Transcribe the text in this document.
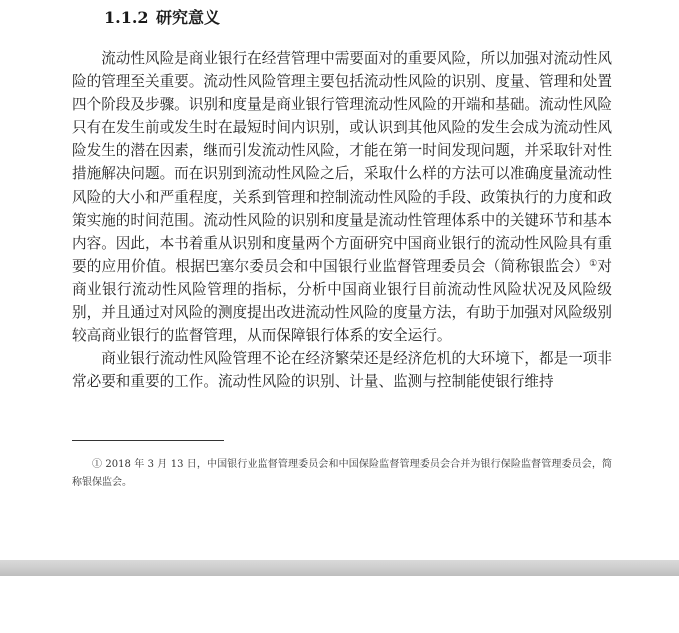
1.1.2 研究意义

流动性风险是商业银行在经营管理中需要面对的重要风险，所以加强对流动性风险的管理至关重要。流动性风险管理主要包括流动性风险的识别、度量、管理和处置四个阶段及步骤。识别和度量是商业银行管理流动性风险的开端和基础。流动性风险只有在发生前或发生时在最短时间内识别，或认识到其他风险的发生会成为流动性风险发生的潜在因素，继而引发流动性风险，才能在第一时间发现问题，并采取针对性措施解决问题。而在识别到流动性风险之后，采取什么样的方法可以准确度量流动性风险的大小和严重程度，关系到管理和控制流动性风险的手段、政策执行的力度和政策实施的时间范围。流动性风险的识别和度量是流动性管理体系中的关键环节和基本内容。因此，本书着重从识别和度量两个方面研究中国商业银行的流动性风险具有重要的应用价值。根据巴塞尔委员会和中国银行业监督管理委员会（简称银监会）①对商业银行流动性风险管理的指标，分析中国商业银行目前流动性风险状况及风险级别，并且通过对风险的测度提出改进流动性风险的度量方法，有助于加强对风险级别较高商业银行的监督管理，从而保障银行体系的安全运行。

商业银行流动性风险管理不论在经济繁荣还是经济危机的大环境下，都是一项非常必要和重要的工作。流动性风险的识别、计量、监测与控制能使银行维持

① 2018 年 3 月 13 日，中国银行业监督管理委员会和中国保险监督管理委员会合并为银行保险监督管理委员会，简称银保监会。
